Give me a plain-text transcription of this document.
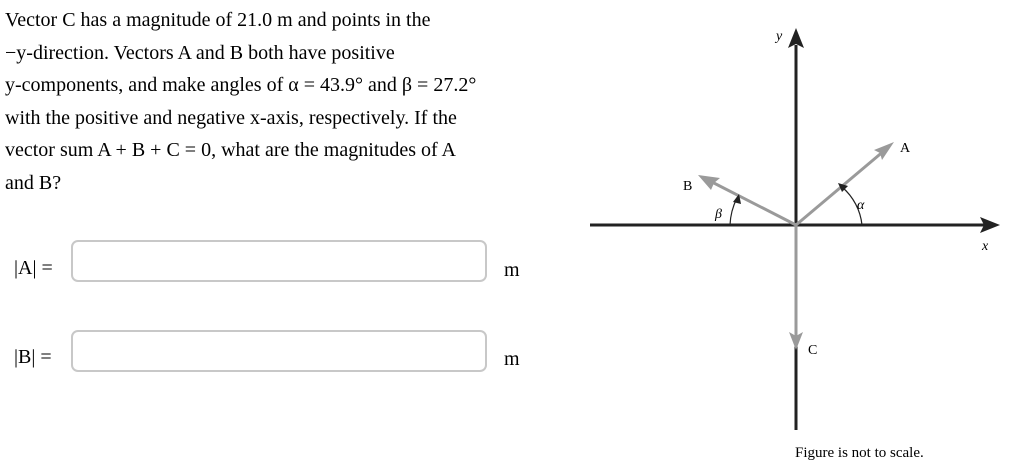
Vector C has a magnitude of 21.0 m and points in the
−y-direction. Vectors A and B both have positive
y-components, and make angles of α = 43.9° and β = 27.2°
with the positive and negative x-axis, respectively. If the
vector sum A + B + C = 0, what are the magnitudes of A
and B?
|A| =	m
|B| =	m
x
y
A
B
C
α
β
Figure is not to scale.
